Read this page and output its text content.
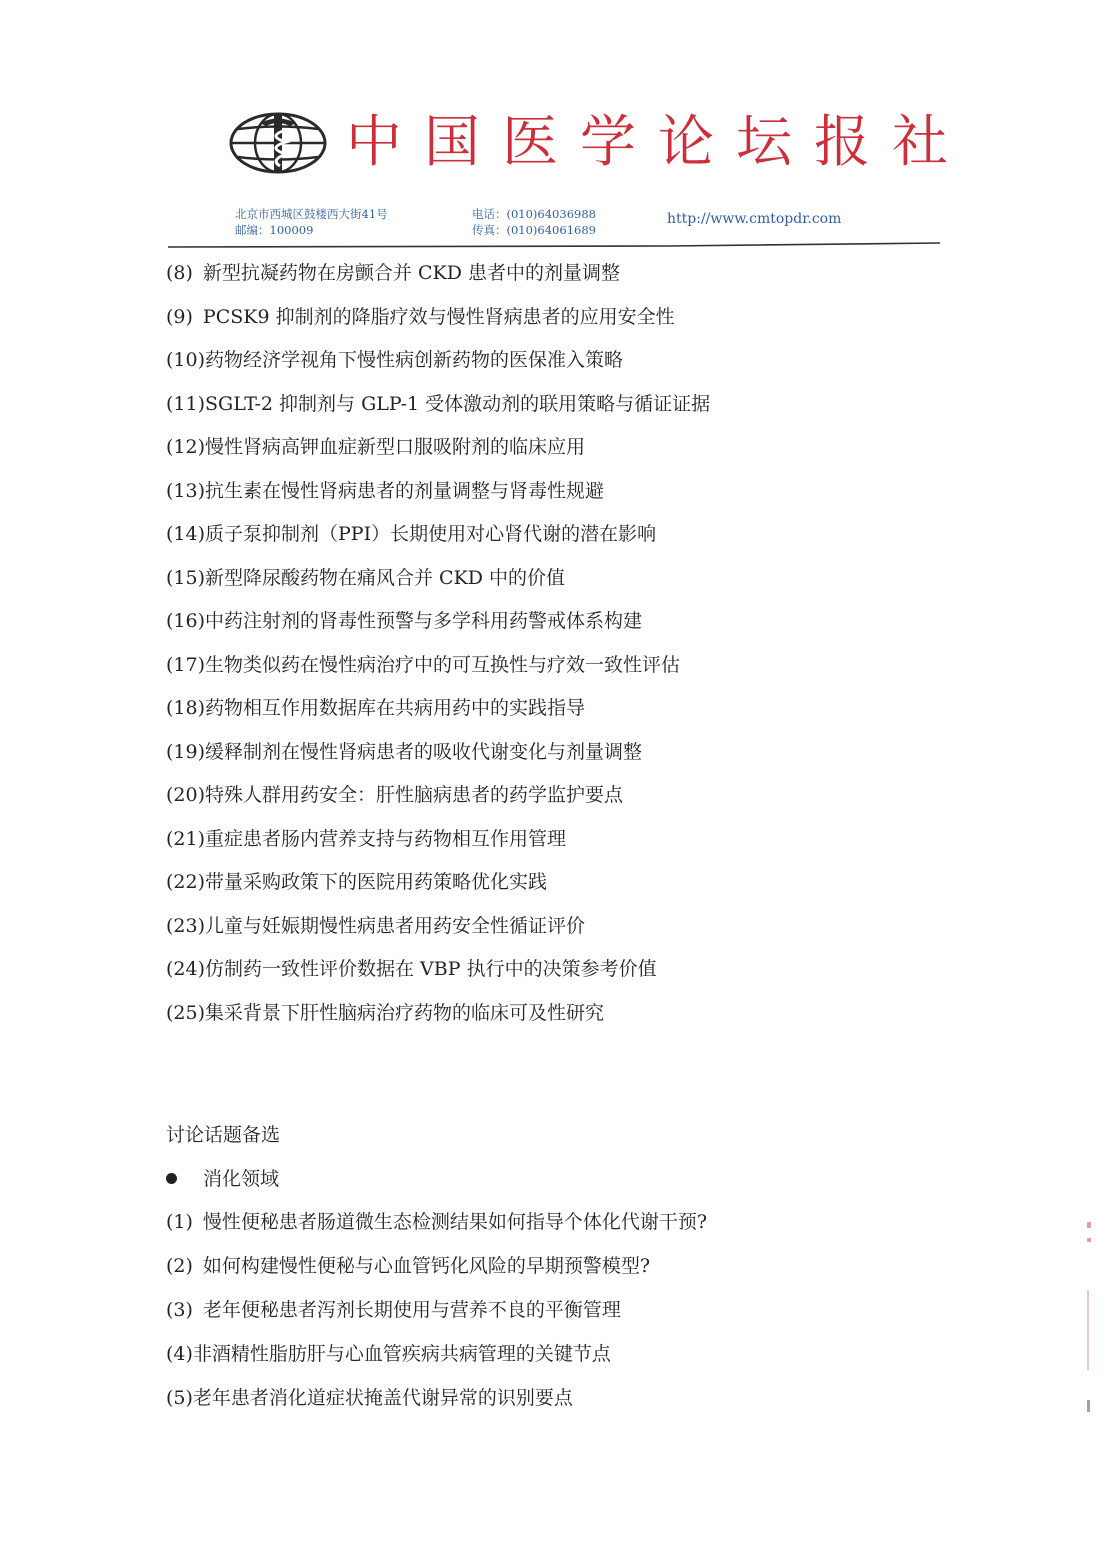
中国医学论坛报社
北京市西城区鼓楼西大街41号
邮编：100009
电话：(010)64036988
传真：(010)64061689
http://www.cmtopdr.com
(8) 新型抗凝药物在房颤合并 CKD 患者中的剂量调整
(9) PCSK9 抑制剂的降脂疗效与慢性肾病患者的应用安全性
(10)药物经济学视角下慢性病创新药物的医保准入策略
(11)SGLT-2 抑制剂与 GLP-1 受体激动剂的联用策略与循证证据
(12)慢性肾病高钾血症新型口服吸附剂的临床应用
(13)抗生素在慢性肾病患者的剂量调整与肾毒性规避
(14)质子泵抑制剂（PPI）长期使用对心肾代谢的潜在影响
(15)新型降尿酸药物在痛风合并 CKD 中的价值
(16)中药注射剂的肾毒性预警与多学科用药警戒体系构建
(17)生物类似药在慢性病治疗中的可互换性与疗效一致性评估
(18)药物相互作用数据库在共病用药中的实践指导
(19)缓释制剂在慢性肾病患者的吸收代谢变化与剂量调整
(20)特殊人群用药安全：肝性脑病患者的药学监护要点
(21)重症患者肠内营养支持与药物相互作用管理
(22)带量采购政策下的医院用药策略优化实践
(23)儿童与妊娠期慢性病患者用药安全性循证评价
(24)仿制药一致性评价数据在 VBP 执行中的决策参考价值
(25)集采背景下肝性脑病治疗药物的临床可及性研究
讨论话题备选
消化领域
(1) 慢性便秘患者肠道微生态检测结果如何指导个体化代谢干预?
(2) 如何构建慢性便秘与心血管钙化风险的早期预警模型?
(3) 老年便秘患者泻剂长期使用与营养不良的平衡管理
(4)非酒精性脂肪肝与心血管疾病共病管理的关键节点
(5)老年患者消化道症状掩盖代谢异常的识别要点
